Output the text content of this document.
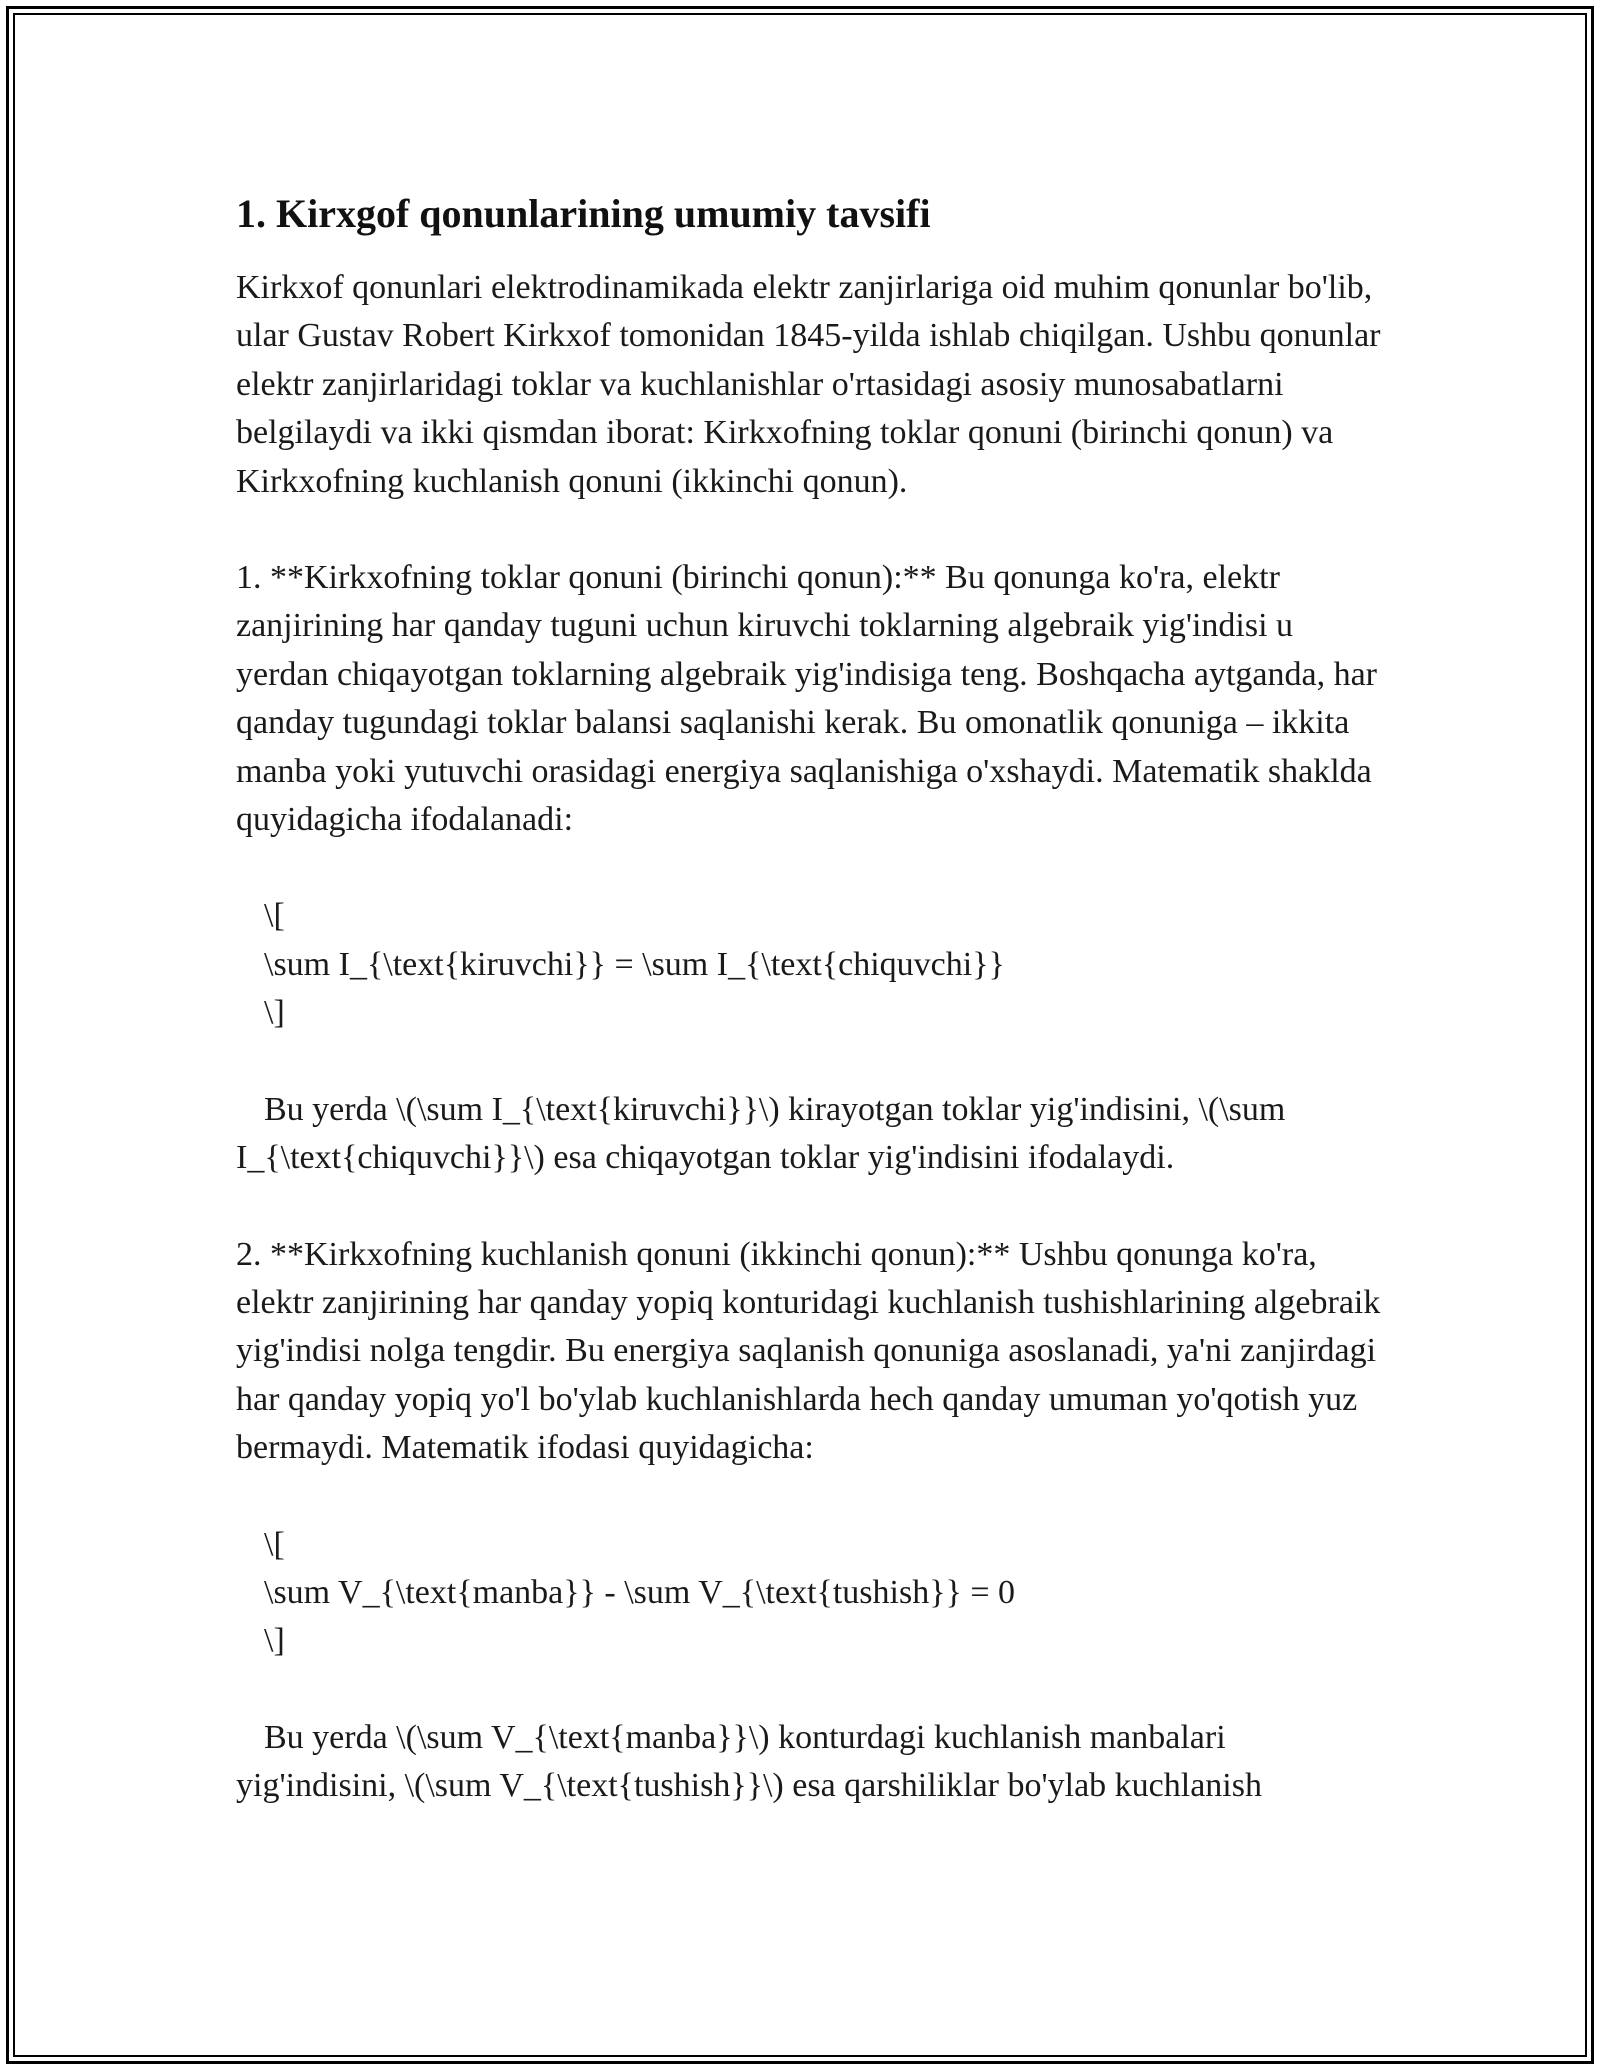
1. Kirxgof qonunlarining umumiy tavsifi

Kirkxof qonunlari elektrodinamikada elektr zanjirlariga oid muhim qonunlar bo'lib, ular Gustav Robert Kirkxof tomonidan 1845-yilda ishlab chiqilgan. Ushbu qonunlar elektr zanjirlaridagi toklar va kuchlanishlar o'rtasidagi asosiy munosabatlarni belgilaydi va ikki qismdan iborat: Kirkxofning toklar qonuni (birinchi qonun) va Kirkxofning kuchlanish qonuni (ikkinchi qonun).

1. **Kirkxofning toklar qonuni (birinchi qonun):** Bu qonunga ko'ra, elektr zanjirining har qanday tuguni uchun kiruvchi toklarning algebraik yig'indisi u yerdan chiqayotgan toklarning algebraik yig'indisiga teng. Boshqacha aytganda, har qanday tugundagi toklar balansi saqlanishi kerak. Bu omonatlik qonuniga – ikkita manba yoki yutuvchi orasidagi energiya saqlanishiga o'xshaydi. Matematik shaklda quyidagicha ifodalanadi:

\[
\sum I_{\text{kiruvchi}} = \sum I_{\text{chiquvchi}}
\]

Bu yerda \(\sum I_{\text{kiruvchi}}\) kirayotgan toklar yig'indisini, \(\sum I_{\text{chiquvchi}}\) esa chiqayotgan toklar yig'indisini ifodalaydi.

2. **Kirkxofning kuchlanish qonuni (ikkinchi qonun):** Ushbu qonunga ko'ra, elektr zanjirining har qanday yopiq konturidagi kuchlanish tushishlarining algebraik yig'indisi nolga tengdir. Bu energiya saqlanish qonuniga asoslanadi, ya'ni zanjirdagi har qanday yopiq yo'l bo'ylab kuchlanishlarda hech qanday umuman yo'qotish yuz bermaydi. Matematik ifodasi quyidagicha:

\[
\sum V_{\text{manba}} - \sum V_{\text{tushish}} = 0
\]

Bu yerda \(\sum V_{\text{manba}}\) konturdagi kuchlanish manbalari yig'indisini, \(\sum V_{\text{tushish}}\) esa qarshiliklar bo'ylab kuchlanish
